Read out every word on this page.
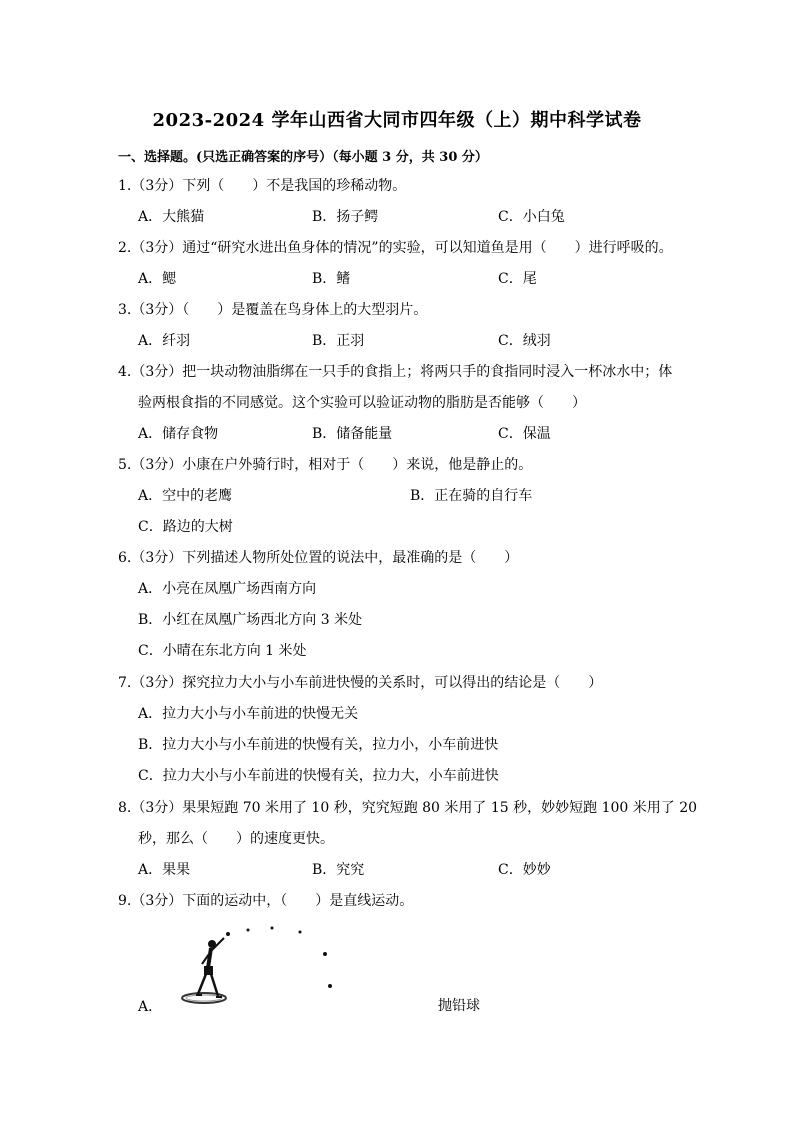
2023-2024 学年山西省大同市四年级（上）期中科学试卷
一、选择题。(只选正确答案的序号）（每小题 3 分，共 30 分）
1.（3分）下列（　　）不是我国的珍稀动物。
A．大熊猫	B．扬子鳄	C．小白兔
2.（3分）通过“研究水进出鱼身体的情况”的实验，可以知道鱼是用（　　）进行呼吸的。
A．鳃	B．鳍	C．尾
3.（3分）（　　）是覆盖在鸟身体上的大型羽片。
A．纤羽	B．正羽	C．绒羽
4.（3分）把一块动物油脂绑在一只手的食指上；将两只手的食指同时浸入一杯冰水中；体
验两根食指的不同感觉。这个实验可以验证动物的脂肪是否能够（　　）
A．储存食物	B．储备能量	C．保温
5.（3分）小康在户外骑行时，相对于（　　）来说，他是静止的。
A．空中的老鹰	B．正在骑的自行车
C．路边的大树
6.（3分）下列描述人物所处位置的说法中，最准确的是（　　）
A．小亮在凤凰广场西南方向
B．小红在凤凰广场西北方向 3 米处
C．小晴在东北方向 1 米处
7.（3分）探究拉力大小与小车前进快慢的关系时，可以得出的结论是（　　）
A．拉力大小与小车前进的快慢无关
B．拉力大小与小车前进的快慢有关，拉力小，小车前进快
C．拉力大小与小车前进的快慢有关，拉力大，小车前进快
8.（3分）果果短跑 70 米用了 10 秒，究究短跑 80 米用了 15 秒，妙妙短跑 100 米用了 20
秒，那么（　　）的速度更快。
A．果果	B．究究	C．妙妙
9.（3分）下面的运动中，（　　）是直线运动。
A．	抛铅球
